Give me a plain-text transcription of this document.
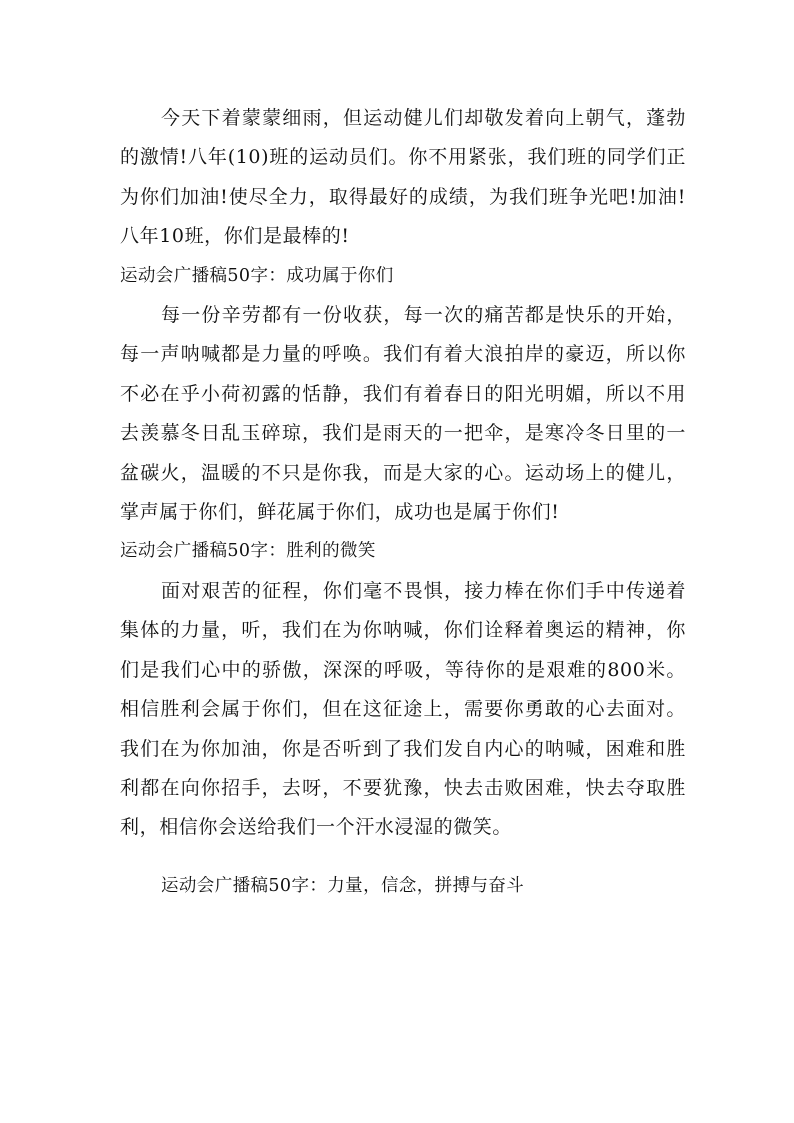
今天下着蒙蒙细雨，但运动健儿们却敬发着向上朝气，蓬勃的激情!八年(10)班的运动员们。你不用紧张，我们班的同学们正为你们加油!使尽全力，取得最好的成绩，为我们班争光吧!加油!八年10班，你们是最棒的!

运动会广播稿50字：成功属于你们

每一份辛劳都有一份收获，每一次的痛苦都是快乐的开始，每一声呐喊都是力量的呼唤。我们有着大浪拍岸的豪迈，所以你不必在乎小荷初露的恬静，我们有着春日的阳光明媚，所以不用去羡慕冬日乱玉碎琼，我们是雨天的一把伞，是寒冷冬日里的一盆碳火，温暖的不只是你我，而是大家的心。运动场上的健儿，掌声属于你们，鲜花属于你们，成功也是属于你们!

运动会广播稿50字：胜利的微笑

面对艰苦的征程，你们毫不畏惧，接力棒在你们手中传递着集体的力量，听，我们在为你呐喊，你们诠释着奥运的精神，你们是我们心中的骄傲，深深的呼吸，等待你的是艰难的800米。相信胜利会属于你们，但在这征途上，需要你勇敢的心去面对。我们在为你加油，你是否听到了我们发自内心的呐喊，困难和胜利都在向你招手，去呀，不要犹豫，快去击败困难，快去夺取胜利，相信你会送给我们一个汗水浸湿的微笑。

运动会广播稿50字：力量，信念，拼搏与奋斗
